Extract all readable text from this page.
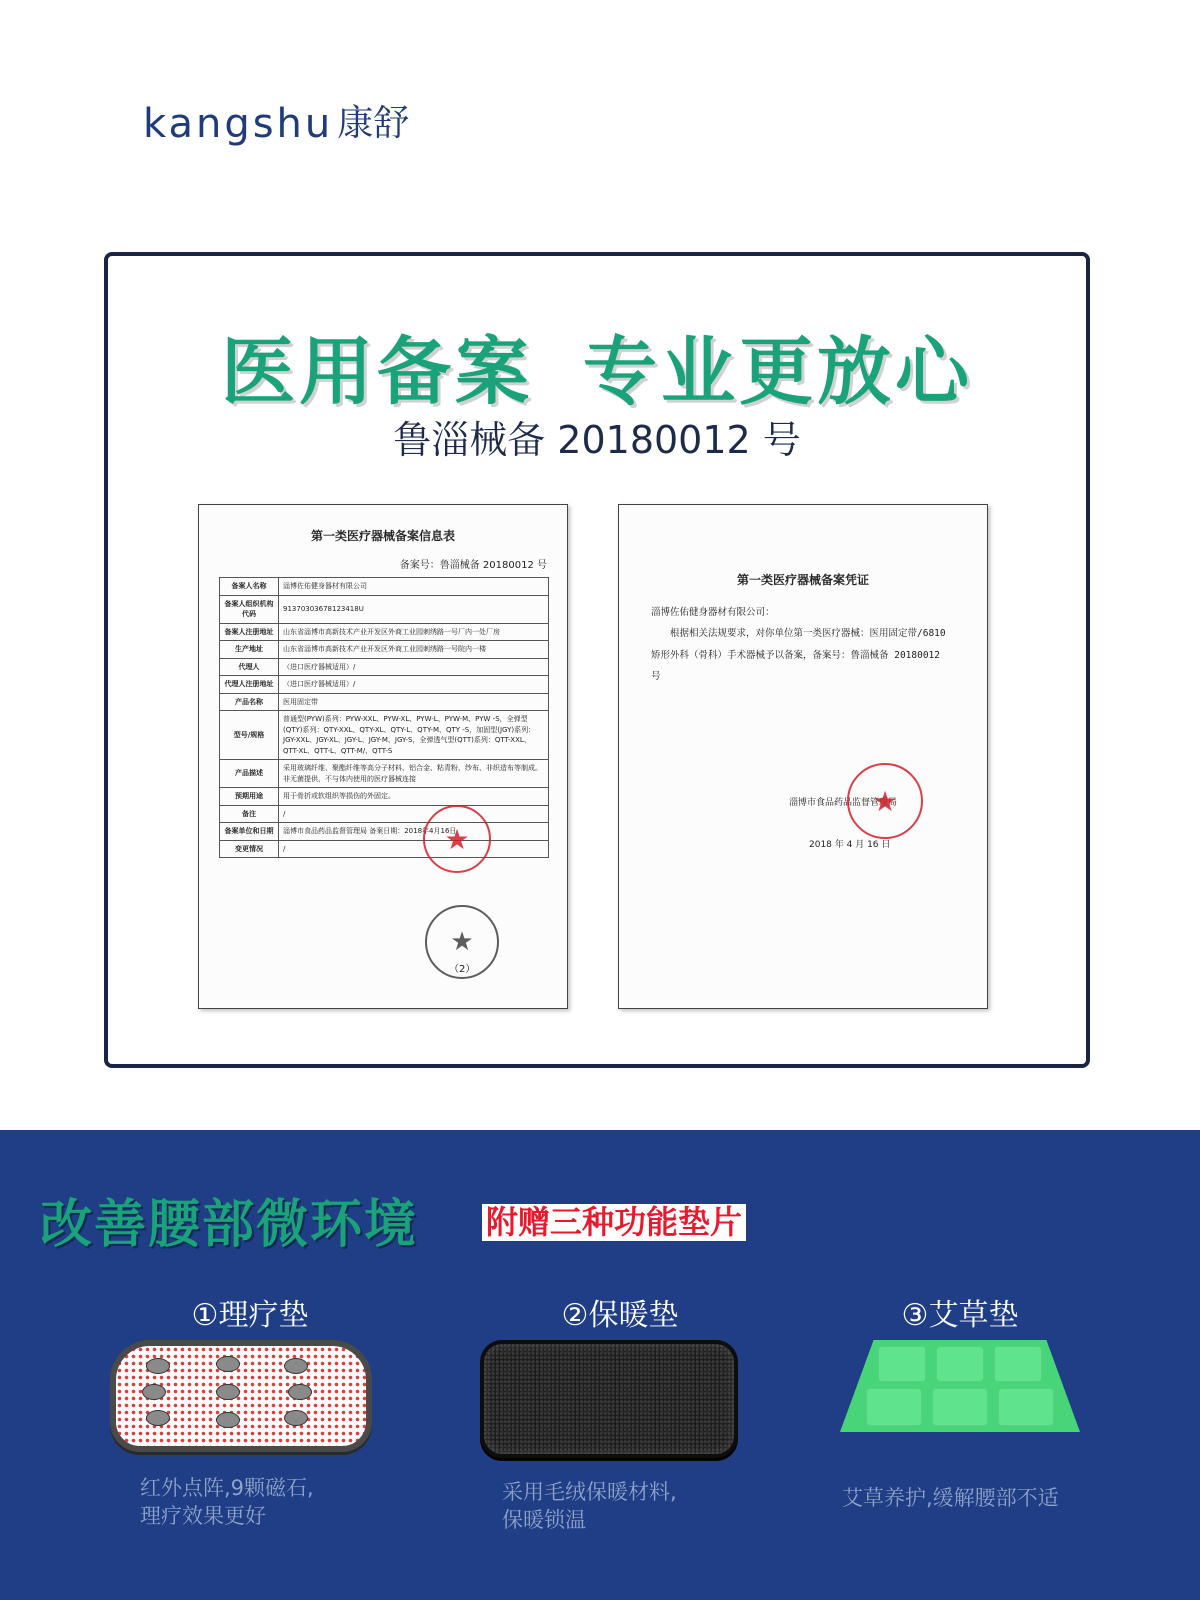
kangshu 康舒
医用备案 专业更放心
鲁淄械备 20180012 号
第一类医疗器械备案信息表
备案号：鲁淄械备 20180012 号
备案人名称	淄博佐佑健身器材有限公司
备案人组织机构代码	91370303678123418U
备案人注册地址	山东省淄博市高新技术产业开发区外商工业园刺绣路一号厂内一处厂房
生产地址	山东省淄博市高新技术产业开发区外商工业园刺绣路一号院内一楼
代理人	（进口医疗器械适用）/
代理人注册地址	（进口医疗器械适用）/
产品名称	医用固定带
型号/规格	普通型(PYW)系列：PYW-XXL、PYW-XL、PYW-L、PYW-M、PYW -S，全弹型(QTY)系列：QTY-XXL、QTY-XL、QTY-L、QTY-M、QTY -S，加固型(JGY)系列：JGY-XXL、JGY-XL、JGY-L、JGY-M、JGY-S，全弹透气型(QTT)系列：QTT-XXL、QTT-XL、QTT-L、QTT-M/、QTT-S
产品描述	采用玻璃纤维、聚酯纤维等高分子材料、铝合金、粘青粉、纱布、非织造布等制成。非无菌提供，不与体内使用的医疗器械连接
预期用途	用于骨折或软组织等损伤的外固定。
备注	/
备案单位和日期	淄博市食品药品监督管理局 备案日期：2018年4月16日
变更情况	/	★
★
（2）
第一类医疗器械备案凭证

淄博佐佑健身器材有限公司：

根据相关法规要求，对你单位第一类医疗器械：医用固定带/6810 矫形外科（骨科）手术器械予以备案，备案号：鲁淄械备 20180012 号

淄博市食品药品监督管理局
2018 年 4 月 16 日
★
改善腰部微环境 附赠三种功能垫片
①理疗垫
红外点阵,9颗磁石,
理疗效果更好
②保暖垫
采用毛绒保暖材料,
保暖锁温
③艾草垫
艾草养护,缓解腰部不适
